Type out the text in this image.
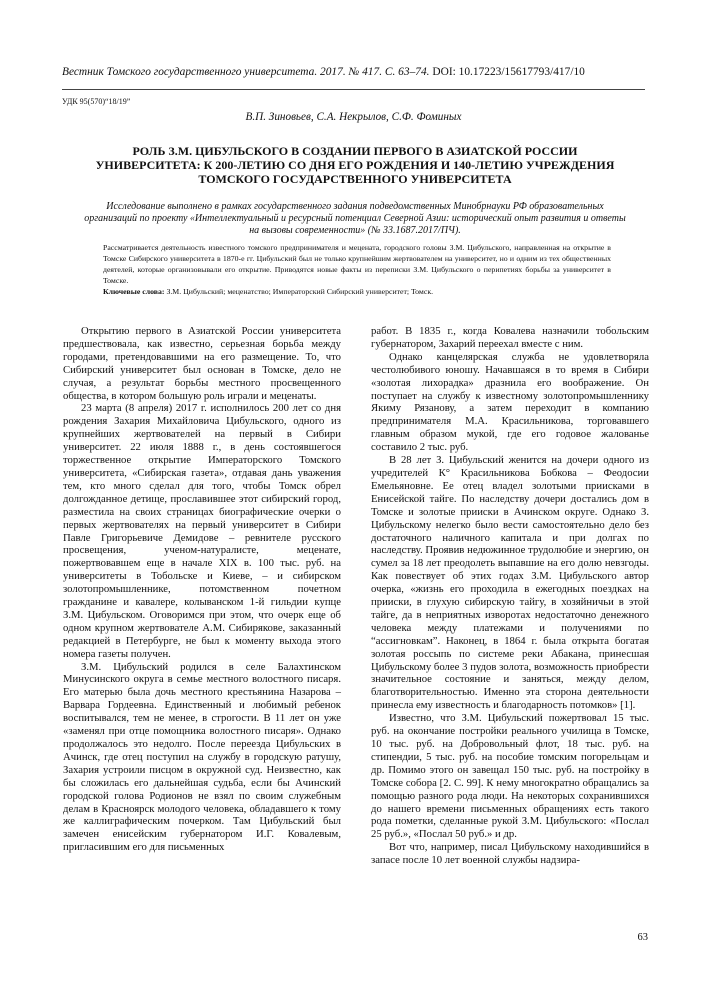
Вестник Томского государственного университета. 2017. № 417. С. 63–74. DOI: 10.17223/15617793/417/10
УДК 95(570)“18/19”
В.П. Зиновьев, С.А. Некрылов, С.Ф. Фоминых
РОЛЬ З.М. ЦИБУЛЬСКОГО В СОЗДАНИИ ПЕРВОГО В АЗИАТСКОЙ РОССИИ УНИВЕРСИТЕТА: К 200-ЛЕТИЮ СО ДНЯ ЕГО РОЖДЕНИЯ И 140-ЛЕТИЮ УЧРЕЖДЕНИЯ ТОМСКОГО ГОСУДАРСТВЕННОГО УНИВЕРСИТЕТА
Исследование выполнено в рамках государственного задания подведомственных Минобрнауки РФ образовательных организаций по проекту «Интеллектуальный и ресурсный потенциал Северной Азии: исторический опыт развития и ответы на вызовы современности» (№ 33.1687.2017/ПЧ).

Рассматривается деятельность известного томского предпринимателя и мецената, городского головы З.М. Цибульского, направленная на открытие в Томске Сибирского университета в 1870-е гг. Цибульский был не только крупнейшим жертвователем на университет, но и одним из тех общественных деятелей, которые организовывали его открытие. Приводятся новые факты из переписки З.М. Цибульского о перипетиях борьбы за университет в Томске.

Ключевые слова: З.М. Цибульский; меценатство; Императорский Сибирский университет; Томск.

Открытию первого в Азиатской России университета предшествовала, как известно, серьезная борьба между городами, претендовавшими на его размещение. То, что Сибирский университет был основан в Томске, дело не случая, а результат борьбы местного просвещенного общества, в котором большую роль играли и меценаты.

23 марта (8 апреля) 2017 г. исполнилось 200 лет со дня рождения Захария Михайловича Цибульского, одного из крупнейших жертвователей на первый в Сибири университет. 22 июля 1888 г., в день состоявшегося торжественное открытие Императорского Томского университета, «Сибирская газета», отдавая дань уважения тем, кто много сделал для того, чтобы Томск обрел долгожданное детище, прославившее этот сибирский город, разместила на своих страницах биографические очерки о первых жертвователях на первый университет в Сибири Павле Григорьевиче Демидове – ревнителе русского просвещения, ученом-натуралисте, меценате, пожертвовавшем еще в начале XIX в. 100 тыс. руб. на университеты в Тобольске и Киеве, – и сибирском золотопромышленнике, потомственном почетном гражданине и кавалере, колыванском 1-й гильдии купце З.М. Цибульском. Оговоримся при этом, что очерк еще об одном крупном жертвователе А.М. Сибирякове, заказанный редакцией в Петербурге, не был к моменту выхода этого номера газеты получен.

З.М. Цибульский родился в селе Балахтинском Минусинского округа в семье местного волостного писаря. Его матерью была дочь местного крестьянина Назарова – Варвара Гордеевна. Единственный и любимый ребенок воспитывался, тем не менее, в строгости. В 11 лет он уже «заменял при отце помощника волостного писаря». Однако продолжалось это недолго. После переезда Цибульских в Ачинск, где отец поступил на службу в городскую ратушу, Захария устроили писцом в окружной суд. Неизвестно, как бы сложилась его дальнейшая судьба, если бы Ачинский городской голова Родионов не взял по своим служебным делам в Красноярск молодого человека, обладавшего к тому же каллиграфическим почерком. Там Цибульский был замечен енисейским губернатором И.Г. Ковалевым, пригласившим его для письменных

работ. В 1835 г., когда Ковалева назначили тобольским губернатором, Захарий переехал вместе с ним.

Однако канцелярская служба не удовлетворяла честолюбивого юношу. Начавшаяся в то время в Сибири «золотая лихорадка» дразнила его воображение. Он поступает на службу к известному золотопромышленнику Якиму Рязанову, а затем переходит в компанию предпринимателя М.А. Красильникова, торговавшего главным образом мукой, где его годовое жалованье составило 2 тыс. руб.

В 28 лет З. Цибульский женится на дочери одного из учредителей К° Красильникова Бобкова – Феодосии Емельяновне. Ее отец владел золотыми приисками в Енисейской тайге. По наследству дочери достались дом в Томске и золотые прииски в Ачинском округе. Однако З. Цибульскому нелегко было вести самостоятельно дело без достаточного наличного капитала и при долгах по наследству. Проявив недюжинное трудолюбие и энергию, он сумел за 18 лет преодолеть выпавшие на его долю невзгоды. Как повествует об этих годах З.М. Цибульского автор очерка, «жизнь его проходила в ежегодных поездках на прииски, в глухую сибирскую тайгу, в хозяйничьи в этой тайге, да в неприятных изворотах недостаточно денежного человека между платежами и получениями по “ассигновкам”. Наконец, в 1864 г. была открыта богатая золотая россыпь по системе реки Абакана, принесшая Цибульскому более 3 пудов золота, возможность приобрести значительное состояние и заняться, между делом, благотворительностью. Именно эта сторона деятельности принесла ему известность и благодарность потомков» [1].

Известно, что З.М. Цибульский пожертвовал 15 тыс. руб. на окончание постройки реального училища в Томске, 10 тыс. руб. на Добровольный флот, 18 тыс. руб. на стипендии, 5 тыс. руб. на пособие томским погорельцам и др. Помимо этого он завещал 150 тыс. руб. на постройку в Томске собора [2. С. 99]. К нему многократно обращались за помощью разного рода люди. На некоторых сохранившихся до нашего времени письменных обращениях есть такого рода пометки, сделанные рукой З.М. Цибульского: «Послал 25 руб.», «Послал 50 руб.» и др.

Вот что, например, писал Цибульскому находившийся в запасе после 10 лет военной службы надзира-

63
